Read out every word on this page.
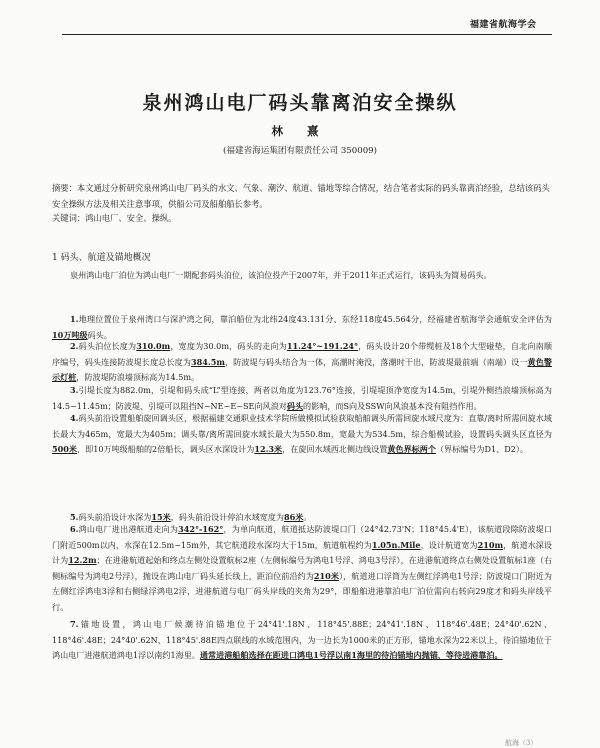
福建省航海学会
泉州鸿山电厂码头靠离泊安全操纵
林 熹
(福建省海运集团有限责任公司 350009)
摘要：本文通过分析研究泉州鸿山电厂码头的水文、气象、潮汐、航道、锚地等综合情况，结合笔者实际的码头靠离泊经验，总结该码头安全操纵方法及相关注意事项，供船公司及船舶船长参考。
关键词：鸿山电厂、安全、操纵。
1 码头、航道及锚地概况
泉州鸿山电厂泊位为鸿山电厂一期配套码头泊位，该泊位投产于2007年，并于2011年正式运行，该码头为简易码头。
1.地理位置位于泉州湾口与深沪湾之间，靠泊船位为北纬24度43.131分、东经118度45.564分，经福建省航海学会通航安全评估为10万吨级码头。
2.码头泊位长度为310.0m，宽度为30.0m，码头的走向为11.24°~191.24°，码头设计20个带缆桩及18个大型碰垫，自北向南顺序编号，码头连接防波堤长度总长度为384.5m，防波堤与码头结合为一体，高潮时淹没，落潮时干出，防波堤最前端（南端）设一黄色警示灯桩，防波堤防浪墙顶标高为14.5m。
3.引堤长度为882.0m，引堤和码头成“L”型连接，两者以角度为123.76°连接，引堤堤顶净宽度为14.5m，引堤外侧挡浪墙顶标高为14.5~11.45m；防波堤、引堤可以阻挡N~NE~E~SE向风浪对码头的影响，而S向及SSW向风浪基本没有阻挡作用。
4.码头前沿设置船舶旋回调头区，根据福建交通职业技术学院所做模拟试验获取船舶调头所需回旋水域尺度为：直靠/离时所需回旋水域长最大为465m，宽最大为405m；调头靠/离所需回旋水域长最大为550.8m，宽最大为534.5m，综合船模试验，设置码头调头区直径为500米，即10万吨级船舶的2倍船长，调头区水深设计为12.3米，在旋回水域西北侧边线设置黄色界标两个（界标编号为D1、D2）。
5.码头前沿设计水深为15米，码头前沿设计停泊水域宽度为86米。
6.鸿山电厂进出港航道走向为342°-162°，为单向航道，航道抵达防波堤口门（24°42.73'N；118°45.4'E），该航道段除防波堤口门附近500m以内，水深在12.5m~15m外，其它航道段水深均大于15m，航道航程约为1.05n.Mile，设计航道宽为210m，航道水深设计为12.2m；在进港航道起始和终点左侧处设置航标2座（左侧标编号为鸿电1号浮、鸿电3号浮），在进港航道终点右侧处设置航标1座（右侧标编号为鸿电2号浮），抛设在鸿山电厂码头延长线上，距泊位前沿约为210米），航道进口浮筒为左侧红浮鸿电1号浮；防波堤口门附近为左侧红浮鸿电3浮和右侧绿浮鸿电2浮，进港航道与电厂码头岸线的夹角为29°，即船舶进港靠泊电厂泊位需向右转向29度才和码头岸线平行。
7.锚地设置，鸿山电厂候潮待泊锚地位于24°41'.18N、118°45'.88E；24°41'.18N、118°46'.48E；24°40'.62N、118°46'.48E；24°40'.62N、118°45'.88E四点联线的水域范围内，为一边长为1000米的正方形，锚地水深为22米以上，待泊锚地位于鸿山电厂进港航道鸿电1浮以南约1海里。通常进港船舶选择在距进口鸿电1号浮以南1海里的待泊锚地内抛锚，等待进港靠泊。
航海（3）
